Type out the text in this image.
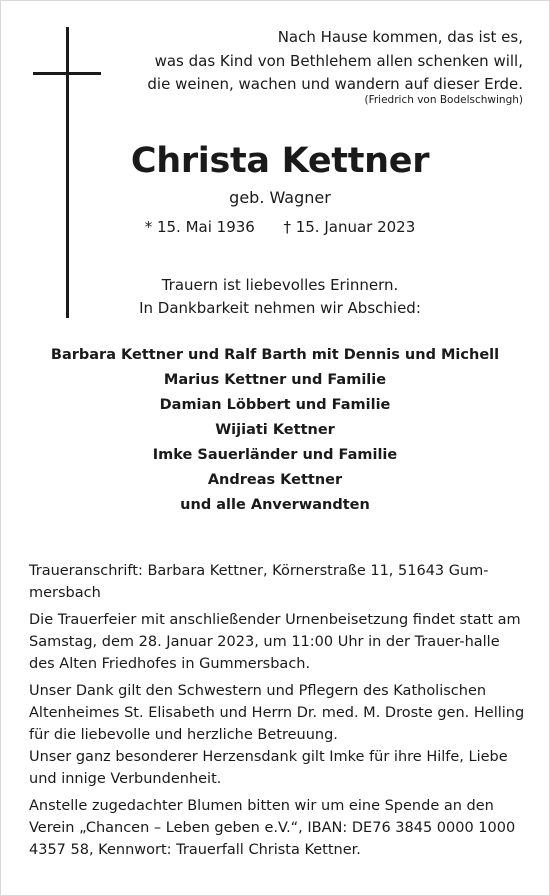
Nach Hause kommen, das ist es,
was das Kind von Bethlehem allen schenken will,
die weinen, wachen und wandern auf dieser Erde.
(Friedrich von Bodelschwingh)
Christa Kettner
geb. Wagner
* 15. Mai 1936      † 15. Januar 2023
Trauern ist liebevolles Erinnern.
In Dankbarkeit nehmen wir Abschied:
Barbara Kettner und Ralf Barth mit Dennis und Michell
Marius Kettner und Familie
Damian Löbbert und Familie
Wijiati Kettner
Imke Sauerländer und Familie
Andreas Kettner
und alle Anverwandten

Traueranschrift: Barbara Kettner, Körnerstraße 11, 51643 Gum-mersbach

Die Trauerfeier mit anschließender Urnenbeisetzung findet statt am Samstag, dem 28. Januar 2023, um 11:00 Uhr in der Trauer-halle des Alten Friedhofes in Gummersbach.

Unser Dank gilt den Schwestern und Pflegern des Katholischen Altenheimes St. Elisabeth und Herrn Dr. med. M. Droste gen. Helling für die liebevolle und herzliche Betreuung.

Unser ganz besonderer Herzensdank gilt Imke für ihre Hilfe, Liebe und innige Verbundenheit.

Anstelle zugedachter Blumen bitten wir um eine Spende an den Verein „Chancen – Leben geben e.V.“, IBAN: DE76 3845 0000 1000 4357 58, Kennwort: Trauerfall Christa Kettner.
